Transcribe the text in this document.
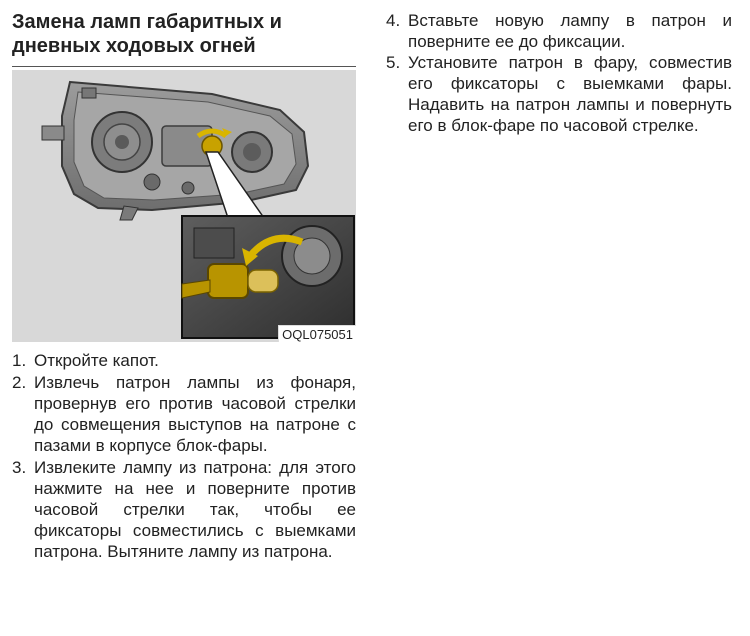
Замена ламп габаритных и дневных ходовых огней
OQL075051
1. Откройте капот.
2. Извлечь патрон лампы из фонаря, провернув его против часовой стрелки до совмещения выступов на патроне с пазами в корпусе блок-фары.
3. Извлеките лампу из патрона: для этого нажмите на нее и поверните против часовой стрелки так, чтобы ее фиксаторы совместились с выемками патрона. Вытяните лампу из патрона.
4. Вставьте новую лампу в патрон и поверните ее до фиксации.
5. Установите патрон в фару, совместив его фиксаторы с выемками фары. Надавить на патрон лампы и повернуть его в блок-фаре по часовой стрелке.
